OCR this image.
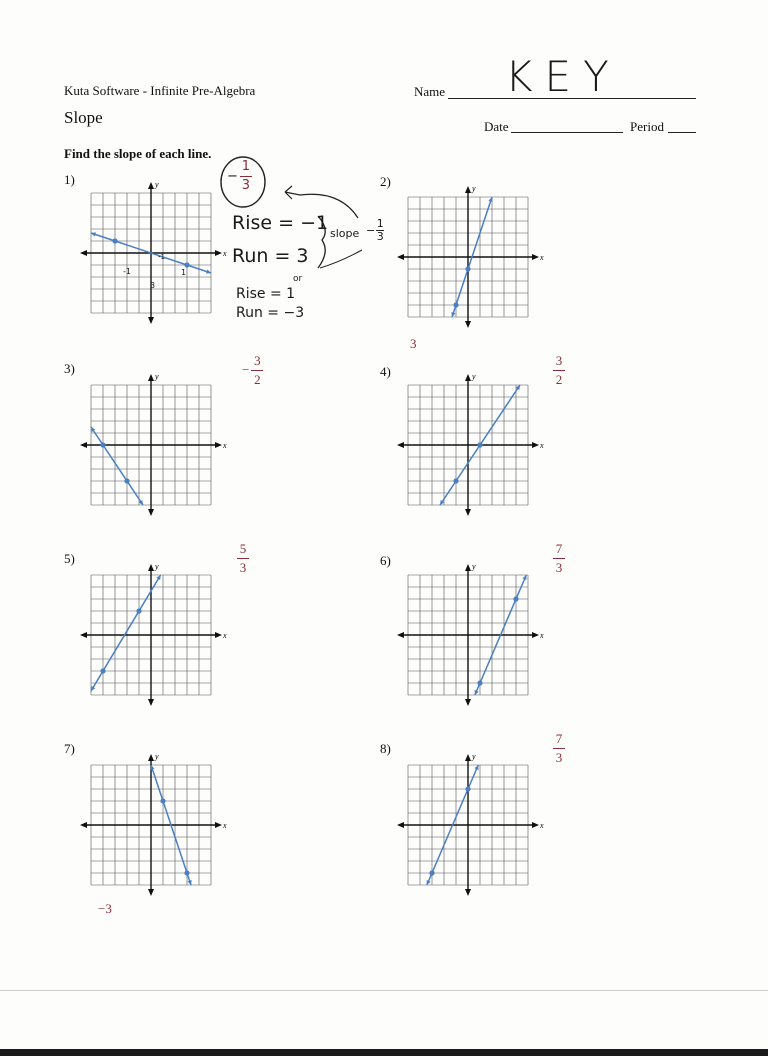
Kuta Software - Infinite Pre-Algebra
Slope
Name KEY
Date	Period
Find the slope of each line.
1)
x
y	2)
x
y
3
3)
x
y	− $\frac{3}{2}$	4)
x
y	$\frac{3}{2}$
5)
x
y	$\frac{5}{3}$	6)
x
y	$\frac{7}{3}$
7)
x
y
−3
8)
x
y	$\frac{7}{3}$
− $\frac{1}{3}$
Rise = −1
Run = 3
slope − $\frac{1}{3}$
or
Rise = 1
Run = −3
-1
-1
3
1
